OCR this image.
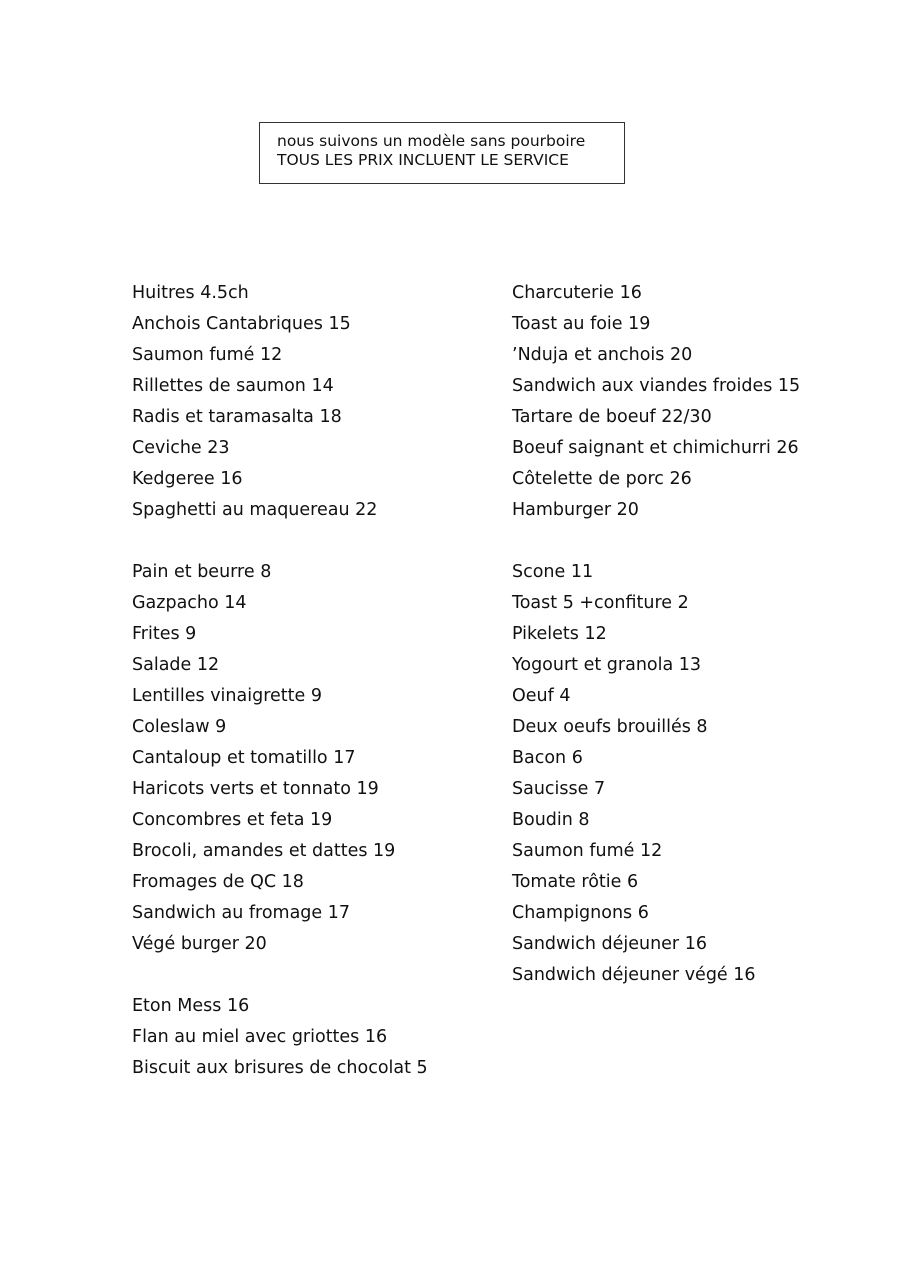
nous suivons un modèle sans pourboire
TOUS LES PRIX INCLUENT LE SERVICE
Huitres 4.5ch
Anchois Cantabriques 15
Saumon fumé 12
Rillettes de saumon 14
Radis et taramasalta 18
Ceviche 23
Kedgeree 16
Spaghetti au maquereau 22
Pain et beurre 8
Gazpacho 14
Frites 9
Salade 12
Lentilles vinaigrette 9
Coleslaw 9
Cantaloup et tomatillo 17
Haricots verts et tonnato 19
Concombres et feta 19
Brocoli, amandes et dattes 19
Fromages de QC 18
Sandwich au fromage 17
Végé burger 20
Eton Mess 16
Flan au miel avec griottes 16
Biscuit aux brisures de chocolat 5
Charcuterie 16
Toast au foie 19
’Nduja et anchois 20
Sandwich aux viandes froides 15
Tartare de boeuf 22/30
Boeuf saignant et chimichurri 26
Côtelette de porc 26
Hamburger 20
Scone 11
Toast 5 +confiture 2
Pikelets 12
Yogourt et granola 13
Oeuf 4
Deux oeufs brouillés 8
Bacon 6
Saucisse 7
Boudin 8
Saumon fumé 12
Tomate rôtie 6
Champignons 6
Sandwich déjeuner 16
Sandwich déjeuner végé 16
